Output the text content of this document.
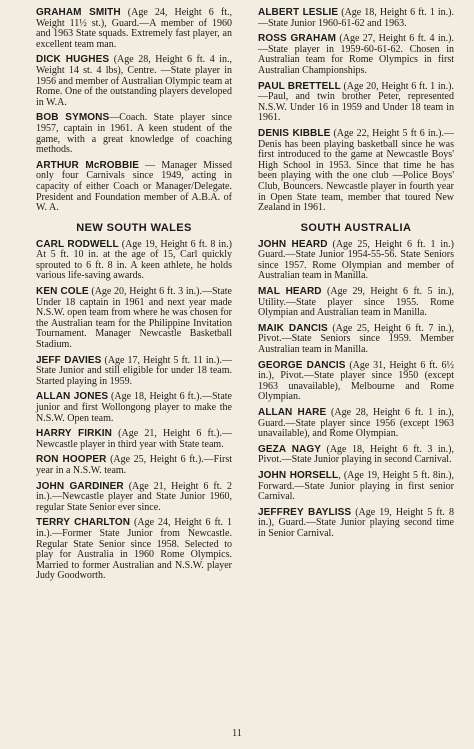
GRAHAM SMITH (Age 24, Height 6 ft., Weight 11½ st.), Guard.—A member of 1960 and 1963 State squads. Extremely fast player, an excellent team man.

DICK HUGHES (Age 28, Height 6 ft. 4 in., Weight 14 st. 4 lbs), Centre. —State player in 1956 and member of Australian Olympic team at Rome. One of the outstanding players developed in W.A.

BOB SYMONS—Coach. State player since 1957, captain in 1961. A keen student of the game, with a great knowledge of coaching methods.

ARTHUR McROBBIE — Manager Missed only four Carnivals since 1949, acting in capacity of either Coach or Manager/Delegate. President and Foundation member of A.B.A. of W. A.

NEW SOUTH WALES

CARL RODWELL (Age 19, Height 6 ft. 8 in.) At 5 ft. 10 in. at the age of 15, Carl quickly sprouted to 6 ft. 8 in. A keen athlete, he holds various life-saving awards.

KEN COLE (Age 20, Height 6 ft. 3 in.).—State Under 18 captain in 1961 and next year made N.S.W. open team from where he was chosen for the Australian team for the Philippine Invitation Tournament. Manager Newcastle Basketball Stadium.

JEFF DAVIES (Age 17, Height 5 ft. 11 in.).—State Junior and still eligible for under 18 team. Started playing in 1959.

ALLAN JONES (Age 18, Height 6 ft.).—State junior and first Wollongong player to make the N.S.W. Open team.

HARRY FIRKIN (Age 21, Height 6 ft.).—Newcastle player in third year with State team.

RON HOOPER (Age 25, Height 6 ft.).—First year in a N.S.W. team.

JOHN GARDINER (Age 21, Height 6 ft. 2 in.).—Newcastle player and State Junior 1960, regular State Senior ever since.

TERRY CHARLTON (Age 24, Height 6 ft. 1 in.).—Former State Junior from Newcastle. Regular State Senior since 1958. Selected to play for Australia in 1960 Rome Olympics. Married to former Australian and N.S.W. player Judy Goodworth.

ALBERT LESLIE (Age 18, Height 6 ft. 1 in.).—State Junior 1960-61-62 and 1963.

ROSS GRAHAM (Age 27, Height 6 ft. 4 in.).—State player in 1959-60-61-62. Chosen in Australian team for Rome Olympics in first Australian Championships.

PAUL BRETTELL (Age 20, Height 6 ft. 1 in.).—Paul, and twin brother Peter, represented N.S.W. Under 16 in 1959 and Under 18 team in 1961.

DENIS KIBBLE (Age 22, Height 5 ft 6 in.).—Denis has been playing basketball since he was first introduced to the game at Newcastle Boys' High School in 1953. Since that time he has been playing with the one club —Police Boys' Club, Bouncers. Newcastle player in fourth year in Open State team, member that toured New Zealand in 1961.

SOUTH AUSTRALIA

JOHN HEARD (Age 25, Height 6 ft. 1 in.) Guard.—State Junior 1954-55-56. State Seniors since 1957. Rome Olympian and member of Australian team in Manilla.

MAL HEARD (Age 29, Height 6 ft. 5 in.), Utility.—State player since 1955. Rome Olympian and Australian team in Manilla.

MAIK DANCIS (Age 25, Height 6 ft. 7 in.), Pivot.—State Seniors since 1959. Member Australian team in Manilla.

GEORGE DANCIS (Age 31, Height 6 ft. 6½ in.), Pivot.—State player since 1950 (except 1963 unavailable), Melbourne and Rome Olympian.

ALLAN HARE (Age 28, Height 6 ft. 1 in.), Guard.—State player since 1956 (except 1963 unavailable), and Rome Olympian.

GEZA NAGY (Age 18, Height 6 ft. 3 in.), Pivot.—State Junior playing in second Carnival.

JOHN HORSELL, (Age 19, Height 5 ft. 8in.), Forward.—State Junior playing in first senior Carnival.

JEFFREY BAYLISS (Age 19, Height 5 ft. 8 in.), Guard.—State Junior playing second time in Senior Carnival.

11
